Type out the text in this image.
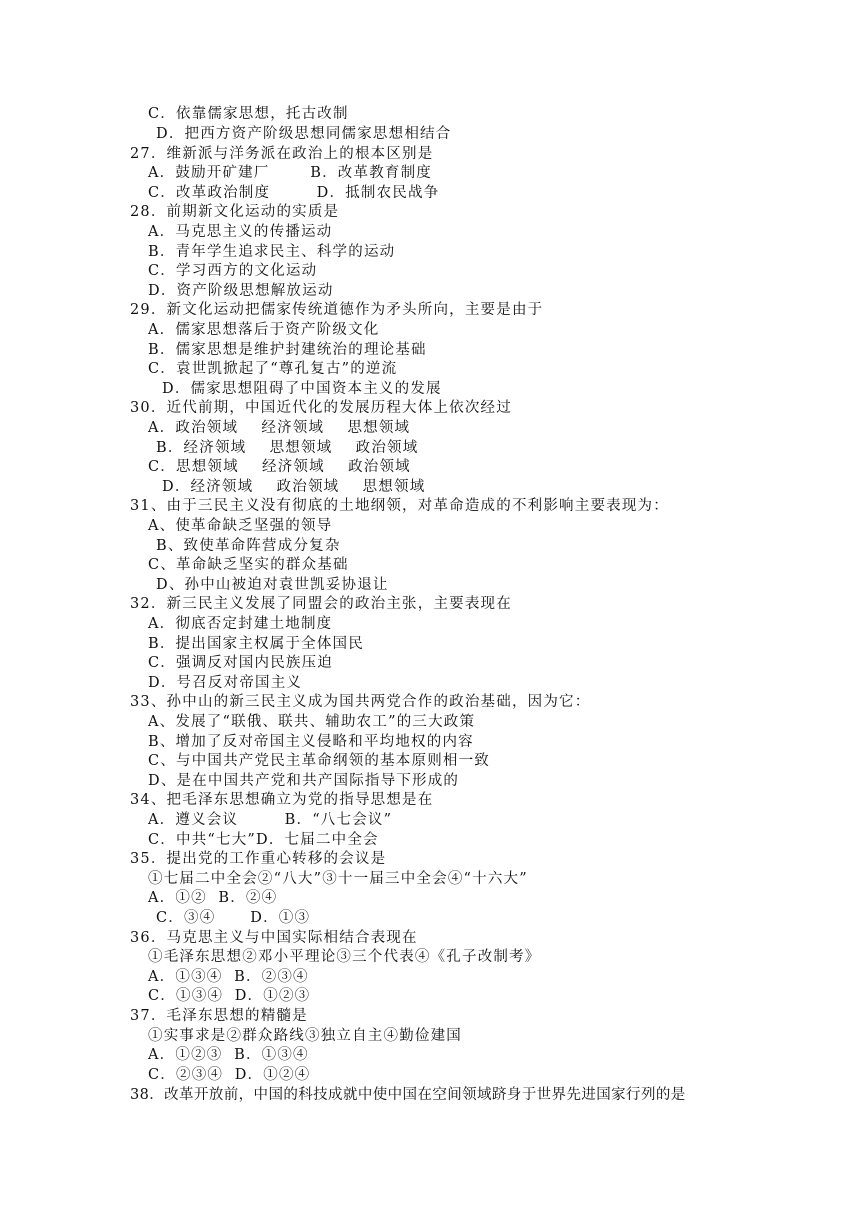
C．依靠儒家思想，托古改制
D．把西方资产阶级思想同儒家思想相结合
27．维新派与洋务派在政治上的根本区别是
A．鼓励开矿建厂       B．改革教育制度
C．改革政治制度        D．抵制农民战争
28．前期新文化运动的实质是
A．马克思主义的传播运动
B．青年学生追求民主、科学的运动
C．学习西方的文化运动
D．资产阶级思想解放运动
29．新文化运动把儒家传统道德作为矛头所向，主要是由于
A．儒家思想落后于资产阶级文化
B．儒家思想是维护封建统治的理论基础
C．袁世凯掀起了“尊孔复古”的逆流
D．儒家思想阻碍了中国资本主义的发展
30．近代前期，中国近代化的发展历程大体上依次经过
A．政治领域    经济领域    思想领域
B．经济领域    思想领域    政治领域
C．思想领域    经济领域    政治领域
D．经济领域    政治领域    思想领域
31、由于三民主义没有彻底的土地纲领，对革命造成的不利影响主要表现为：
A、使革命缺乏坚强的领导
B、致使革命阵营成分复杂
C、革命缺乏坚实的群众基础
D、孙中山被迫对袁世凯妥协退让
32．新三民主义发展了同盟会的政治主张，主要表现在
A．彻底否定封建土地制度
B．提出国家主权属于全体国民
C．强调反对国内民族压迫
D．号召反对帝国主义
33、孙中山的新三民主义成为国共两党合作的政治基础，因为它：
A、发展了“联俄、联共、辅助农工”的三大政策
B、增加了反对帝国主义侵略和平均地权的内容
C、与中国共产党民主革命纲领的基本原则相一致
D、是在中国共产党和共产国际指导下形成的
34、把毛泽东思想确立为党的指导思想是在
A．遵义会议        B．“八七会议”
C．中共“七大”D．七届二中全会
35．提出党的工作重心转移的会议是
①七届二中全会②“八大”③十一届三中全会④“十六大”
A．①②  B．②④
C．③④      D．①③
36．马克思主义与中国实际相结合表现在
①毛泽东思想②邓小平理论③三个代表④《孔子改制考》
A．①③④  B．②③④
C．①③④  D．①②③
37．毛泽东思想的精髓是
①实事求是②群众路线③独立自主④勤俭建国
A．①②③  B．①③④
C．②③④  D．①②④
38．改革开放前，中国的科技成就中使中国在空间领域跻身于世界先进国家行列的是
